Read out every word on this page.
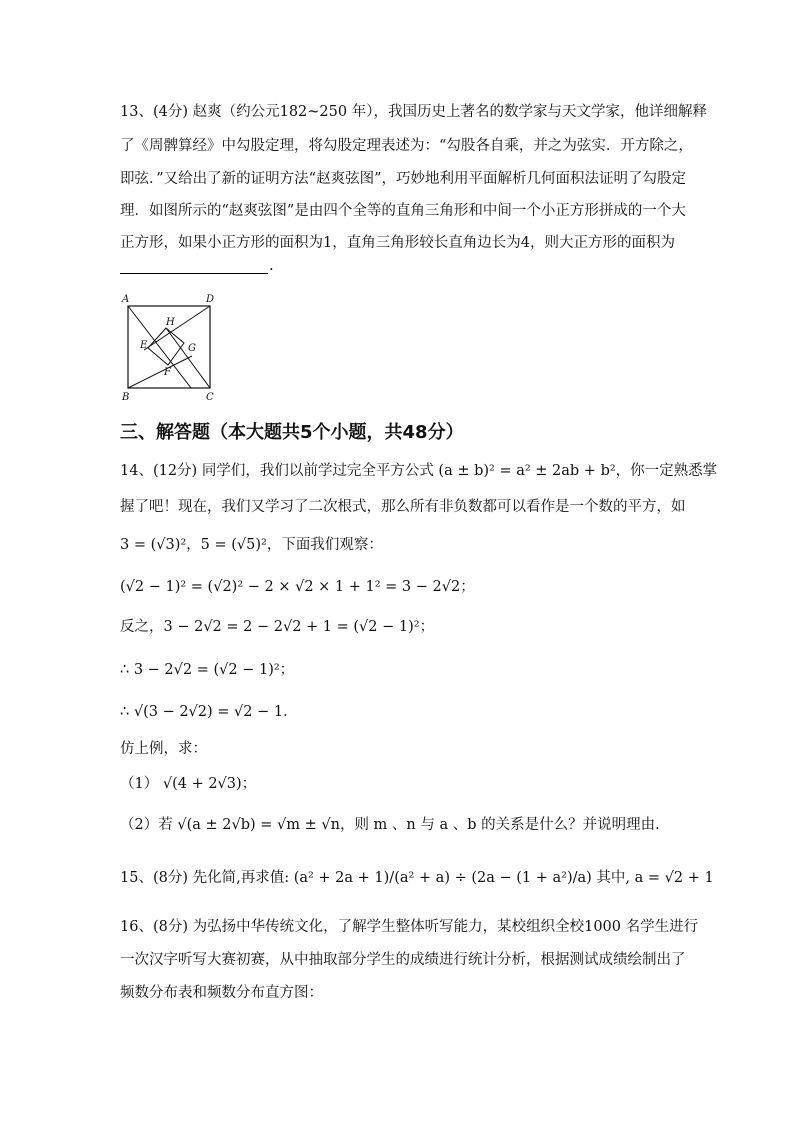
13、(4分) 赵爽（约公元182~250 年），我国历史上著名的数学家与天文学家，他详细解释
了《周髀算经》中勾股定理，将勾股定理表述为：“勾股各自乘，并之为弦实．开方除之，
即弦．”又给出了新的证明方法“赵爽弦图”，巧妙地利用平面解析几何面积法证明了勾股定
理．如图所示的“赵爽弦图”是由四个全等的直角三角形和中间一个小正方形拼成的一个大
正方形，如果小正方形的面积为1，直角三角形较长直角边长为4，则大正方形的面积为
.
A	D
B	C
H
E	G
F
三、解答题（本大题共5个小题，共48分）
14、(12分) 同学们，我们以前学过完全平方公式 (a ± b)² = a² ± 2ab + b²，你一定熟悉掌
握了吧！现在，我们又学习了二次根式，那么所有非负数都可以看作是一个数的平方，如
3 = (√3)²，5 = (√5)²，下面我们观察：
(√2 − 1)² = (√2)² − 2 × √2 × 1 + 1² = 3 − 2√2；
反之，3 − 2√2 = 2 − 2√2 + 1 = (√2 − 1)²；
∴ 3 − 2√2 = (√2 − 1)²；
∴ √(3 − 2√2) = √2 − 1．
仿上例，求：
（1） √(4 + 2√3)；
（2）若 √(a ± 2√b) = √m ± √n，则 m 、n 与 a 、b 的关系是什么？并说明理由.
15、(8分) 先化简,再求值: (a² + 2a + 1)/(a² + a) ÷ (2a − (1 + a²)/a) 其中, a = √2 + 1
16、(8分) 为弘扬中华传统文化，了解学生整体听写能力，某校组织全校1000 名学生进行
一次汉字听写大赛初赛，从中抽取部分学生的成绩进行统计分析，根据测试成绩绘制出了
频数分布表和频数分布直方图：
